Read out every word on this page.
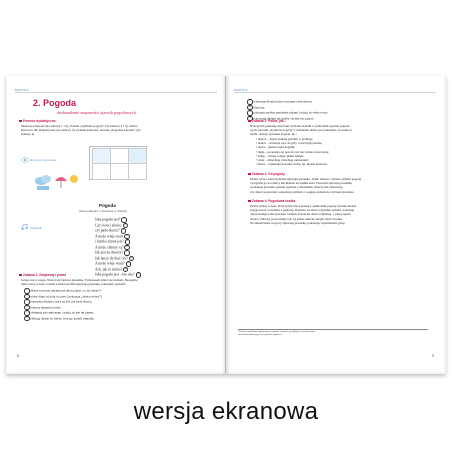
MUZYKA
2. Pogoda
doskonalenie znajomości zjawisk pogodowych
Pomoce dydaktyczne:
ilustracje pierwsze (do zabawy 1 i 3), obrazki „Symbole pogody” (do zabawy 2 i 3), tablice
kolorowe lub magnetyczne (do zabawy 3), zadanie końcowe, obrazki „Pogodowa kostka” (do
zabawy 4)
Ilustracja wyjściowa
Pogoda
(słowa i muzyka: J. Strzelecka, S. Wałach)
Nagranie
Jaka pogoda jest? 1
Czy świeci słońce, 2
czy pada deszcz? 3
A może wieje wiatr 4
i burzka zimna jest? 5
A może chmury są? 6
Jak jest na dworze? 7
Jak burzy słychać ryk? 8
A może wieje wiatr? 9
Ach, jak tu zimno! 10
Jaka pogoda jest – kto wie? 11
Zabawa 1. Zaśpiewaj i pokaż
Grupa stoi w kręgu. Nauczyciel śpiewa piosenkę. Tymczasem dzieci się ruchem. Następnie
dzieci stoją w kole i razem z nauczycielem śpiewają piosenkę, pokazując gestami:
1 dłonie rozwarte rękami nad głową (gest „co się dzieje”)
2 ruchy dłoni od dołu do góry ( pokazują „słońce świeci”)
3 poruszają dłońmi z góry na dół, jak pada deszcz,
4 kołyszą rękami na boki;
5 obejmują się ramionami i udają, że jest im zimno;
6 zbliżają dłonie do siebie, tworząc kształt chmurki;
8
MUZYKA
7 wykonują dłonią ruchy rotacyjne obok głowy;
8 klaszczą;
9 pokazują szybkie machanie rękami i udają, że wieje wiatr;
10 potrząsają dłońmi jak gdyby chciały się ogrzać;
Zabawa 2. Pokaż, jak...
Nauczyciel pokazuje dzieciom wybrane obrazki z symbolami zjawisk pogodo-
wych (obrazki „Symbole pogody”). Zadaniem dzieci jest pokazanie, za pomocą
ruchu, danego zjawiska pogody, np.:
• deszcz – dzieci stukają palcami w podłogę;
• słońce – wznoszą ręce do góry i rozchylają dłonie;
• burza – głośno tupią nogami;
• mgła – poruszają się powoli, nic nie widząc przed sobą;
• śnieg – wirują, udając płatki śniegu;
• wiatr – dmuchają i machają ramionami;
• burza – wykonują dowolne ruchy, np. głośno klaszczą.
Zabawa 3. Od pogody
Dzieci wraz z nauczycielem śpiewają piosenkę. Jedno dziecko wybiera symbol pogody
i przypina go na tablicy lub kładzie na środku koła. Pozostali śpiewają piosenkę
i pokazują zjawisko gestem zgodnie z obrazkiem. Nauczyciel obserwuje,
czy dzieci poprawnie rozpoznają symbole i reagują ruchem na wybrane zjawisko.
Zabawa 4. Pogodowa kostka
Dzieci siedzą w kole. Nauczyciel rzuca kostką z symbolami pogody (kostkę można
przygotować wcześniej z papieru). Dziecko, na które wypadnie symbol, pokazuje
odpowiadające mu zjawisko ruchem. Pozostałe dzieci odgadują, o jaką pogodę
chodzi. Zabawę powtarzamy tak, by każde dziecko mogło rzucić kostką.
Na zakończenie wszyscy śpiewają piosenkę, pokazując zapamiętane gesty.
¹ Kostkę z symbolami pogody można wykonać z kartonu, przyklejając na każdej ściance
obrazek przedstawiający inne zjawisko pogodowe.
9
wersja ekranowa
